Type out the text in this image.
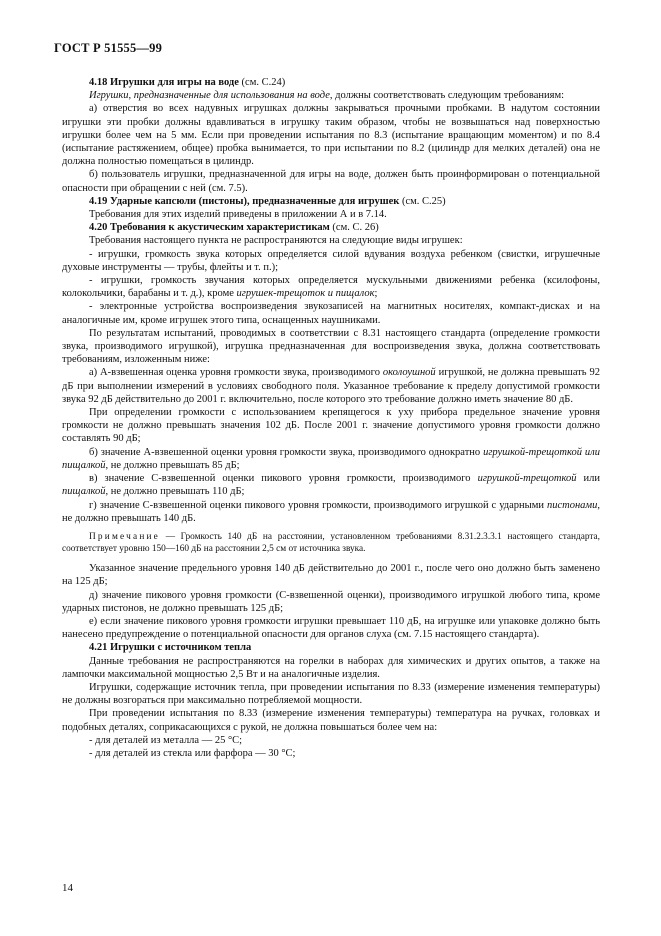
ГОСТ Р 51555—99

4.18 Игрушки для игры на воде (см. С.24)

Игрушки, предназначенные для использования на воде, должны соответствовать следующим требованиям:

а) отверстия во всех надувных игрушках должны закрываться прочными пробками. В надутом состоянии игрушки эти пробки должны вдавливаться в игрушку таким образом, чтобы не возвышаться над поверхностью игрушки более чем на 5 мм. Если при проведении испытания по 8.3 (испытание вращающим моментом) и по 8.4 (испытание растяжением, общее) пробка вынимается, то при испытании по 8.2 (цилиндр для мелких деталей) она не должна полностью помещаться в цилиндр.

б) пользователь игрушки, предназначенной для игры на воде, должен быть проинформирован о потенциальной опасности при обращении с ней (см. 7.5).

4.19 Ударные капсюли (пистоны), предназначенные для игрушек (см. С.25)

Требования для этих изделий приведены в приложении А и в 7.14.

4.20 Требования к акустическим характеристикам (см. С. 26)

Требования настоящего пункта не распространяются на следующие виды игрушек:

- игрушки, громкость звука которых определяется силой вдувания воздуха ребенком (свистки, игрушечные духовые инструменты — трубы, флейты и т. п.);

- игрушки, громкость звучания которых определяется мускульными движениями ребенка (ксилофоны, колокольчики, барабаны и т. д.), кроме игрушек-трещоток и пищалок;

- электронные устройства воспроизведения звукозаписей на магнитных носителях, компакт-дисках и на аналогичные им, кроме игрушек этого типа, оснащенных наушниками.

По результатам испытаний, проводимых в соответствии с 8.31 настоящего стандарта (определение громкости звука, производимого игрушкой), игрушка предназначенная для воспроизведения звука, должна соответствовать требованиям, изложенным ниже:

а) А-взвешенная оценка уровня громкости звука, производимого околоушной игрушкой, не должна превышать 92 дБ при выполнении измерений в условиях свободного поля. Указанное требование к пределу допустимой громкости звука 92 дБ действительно до 2001 г. включительно, после которого это требование должно иметь значение 80 дБ.

При определении громкости с использованием крепящегося к уху прибора предельное значение уровня громкости не должно превышать значения 102 дБ. После 2001 г. значение допустимого уровня громкости должно составлять 90 дБ;

б) значение А-взвешенной оценки уровня громкости звука, производимого однократно игрушкой-трещоткой или пищалкой, не должно превышать 85 дБ;

в) значение С-взвешенной оценки пикового уровня громкости, производимого игрушкой-трещоткой или пищалкой, не должно превышать 110 дБ;

г) значение С-взвешенной оценки пикового уровня громкости, производимого игрушкой с ударными пистонами, не должно превышать 140 дБ.

Примечание — Громкость 140 дБ на расстоянии, установленном требованиями 8.31.2.3.3.1 настоящего стандарта, соответствует уровню 150—160 дБ на расстоянии 2,5 см от источника звука.

Указанное значение предельного уровня 140 дБ действительно до 2001 г., после чего оно должно быть заменено на 125 дБ;

д) значение пикового уровня громкости (С-взвешенной оценки), производимого игрушкой любого типа, кроме ударных пистонов, не должно превышать 125 дБ;

е) если значение пикового уровня громкости игрушки превышает 110 дБ, на игрушке или упаковке должно быть нанесено предупреждение о потенциальной опасности для органов слуха (см. 7.15 настоящего стандарта).

4.21 Игрушки с источником тепла

Данные требования не распространяются на горелки в наборах для химических и других опытов, а также на лампочки максимальной мощностью 2,5 Вт и на аналогичные изделия.

Игрушки, содержащие источник тепла, при проведении испытания по 8.33 (измерение изменения температуры) не должны возгораться при максимально потребляемой мощности.

При проведении испытания по 8.33 (измерение изменения температуры) температура на ручках, головках и подобных деталях, соприкасающихся с рукой, не должна повышаться более чем на:

- для деталей из металла — 25 °С;

- для деталей из стекла или фарфора — 30 °С;

14
